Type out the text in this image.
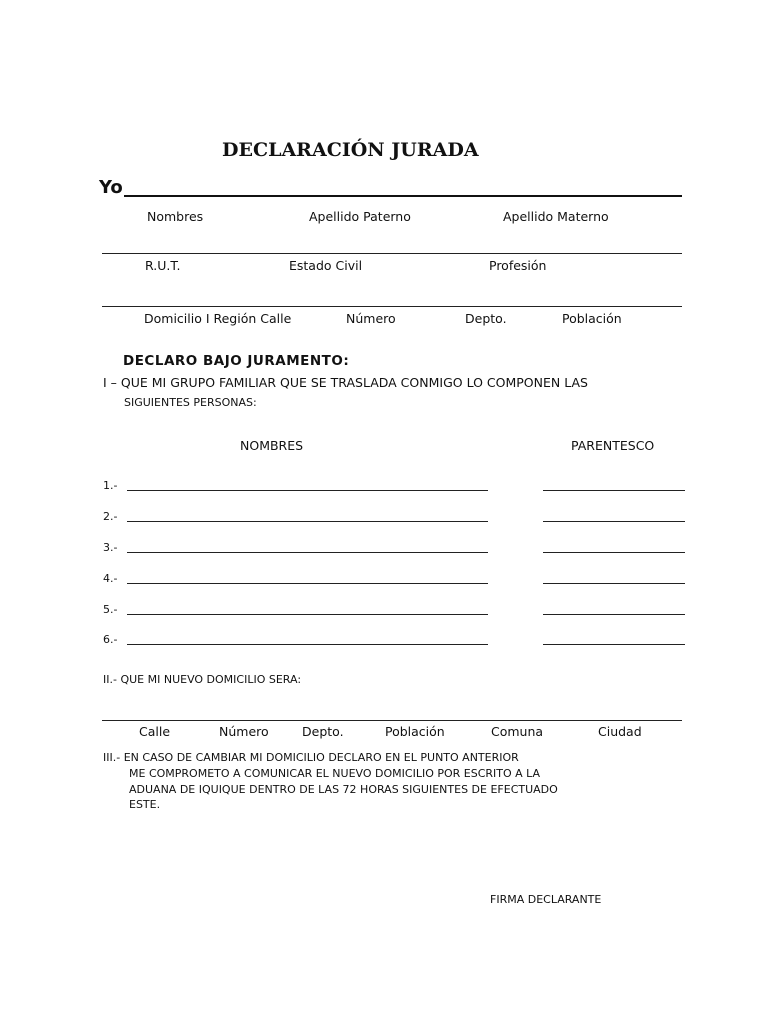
DECLARACIÓN JURADA
Yo
Nombres	Apellido Paterno	Apellido Materno
R.U.T.	Estado Civil	Profesión
Domicilio I Región Calle	Número	Depto.	Población
DECLARO BAJO JURAMENTO:
I – QUE MI GRUPO FAMILIAR QUE SE TRASLADA CONMIGO LO COMPONEN LAS
SIGUIENTES PERSONAS:
NOMBRES	PARENTESCO
1.-
2.-
3.-
4.-
5.-
6.-
II.- QUE MI NUEVO DOMICILIO SERA:
Calle	Número	Depto.	Población	Comuna	Ciudad
III.- EN CASO DE CAMBIAR MI DOMICILIO DECLARO EN EL PUNTO ANTERIOR
ME COMPROMETO A COMUNICAR EL NUEVO DOMICILIO POR ESCRITO A LA
ADUANA DE IQUIQUE DENTRO DE LAS 72 HORAS SIGUIENTES DE EFECTUADO
ESTE.
FIRMA DECLARANTE
